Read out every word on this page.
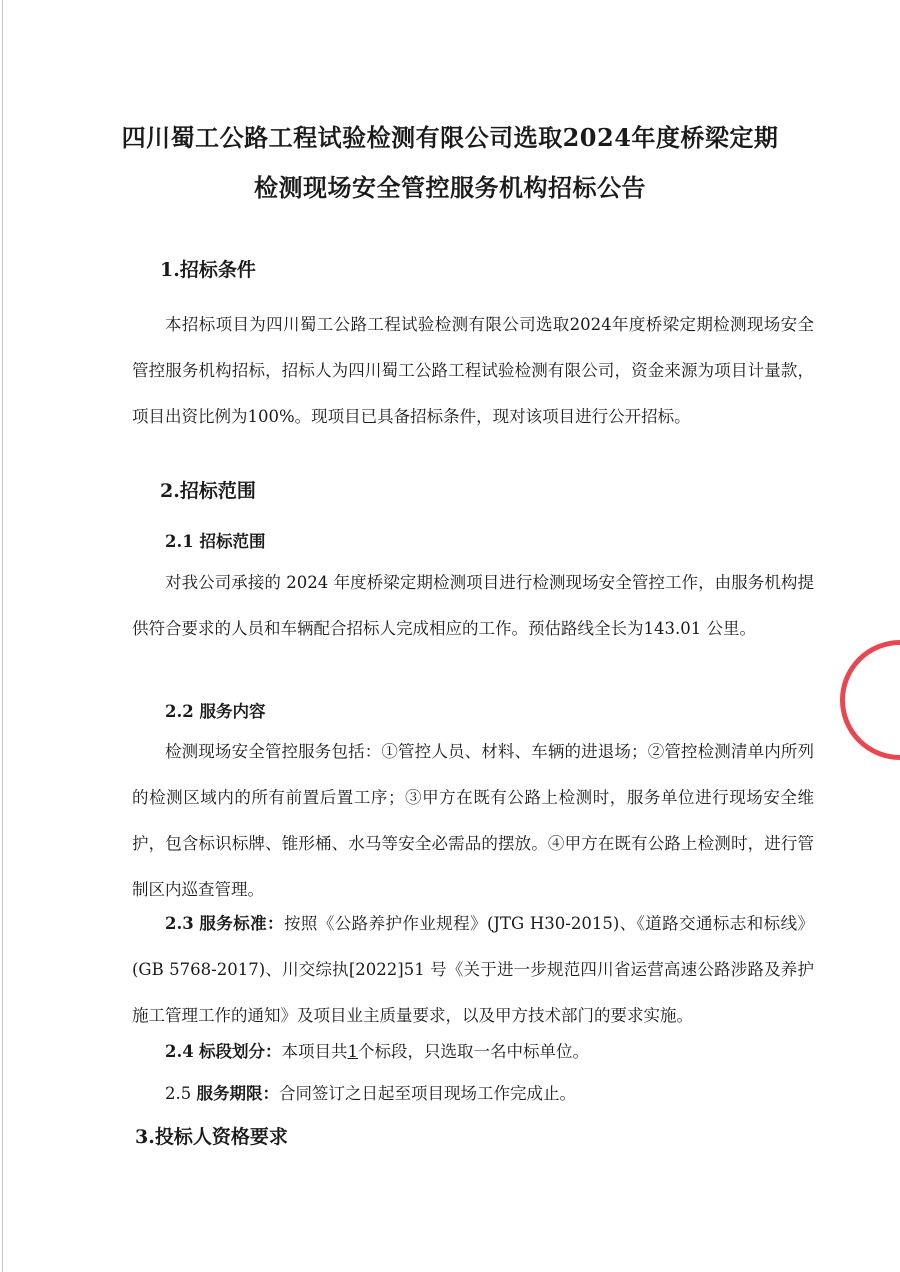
四川蜀工公路工程试验检测有限公司选取2024年度桥梁定期
检测现场安全管控服务机构招标公告
1.招标条件
本招标项目为四川蜀工公路工程试验检测有限公司选取2024年度桥梁定期检测现场安全管控服务机构招标，招标人为四川蜀工公路工程试验检测有限公司，资金来源为项目计量款，项目出资比例为100%。现项目已具备招标条件，现对该项目进行公开招标。
2.招标范围
2.1 招标范围
对我公司承接的 2024 年度桥梁定期检测项目进行检测现场安全管控工作，由服务机构提供符合要求的人员和车辆配合招标人完成相应的工作。预估路线全长为143.01 公里。
2.2 服务内容
检测现场安全管控服务包括：①管控人员、材料、车辆的进退场；②管控检测清单内所列的检测区域内的所有前置后置工序；③甲方在既有公路上检测时，服务单位进行现场安全维护，包含标识标牌、锥形桶、水马等安全必需品的摆放。④甲方在既有公路上检测时，进行管制区内巡查管理。
2.3 服务标准：按照《公路养护作业规程》(JTG H30-2015)、《道路交通标志和标线》(GB 5768-2017)、川交综执[2022]51 号《关于进一步规范四川省运营高速公路涉路及养护施工管理工作的通知》及项目业主质量要求，以及甲方技术部门的要求实施。
2.4 标段划分：本项目共1个标段，只选取一名中标单位。
2.5 服务期限：合同签订之日起至项目现场工作完成止。
3.投标人资格要求
